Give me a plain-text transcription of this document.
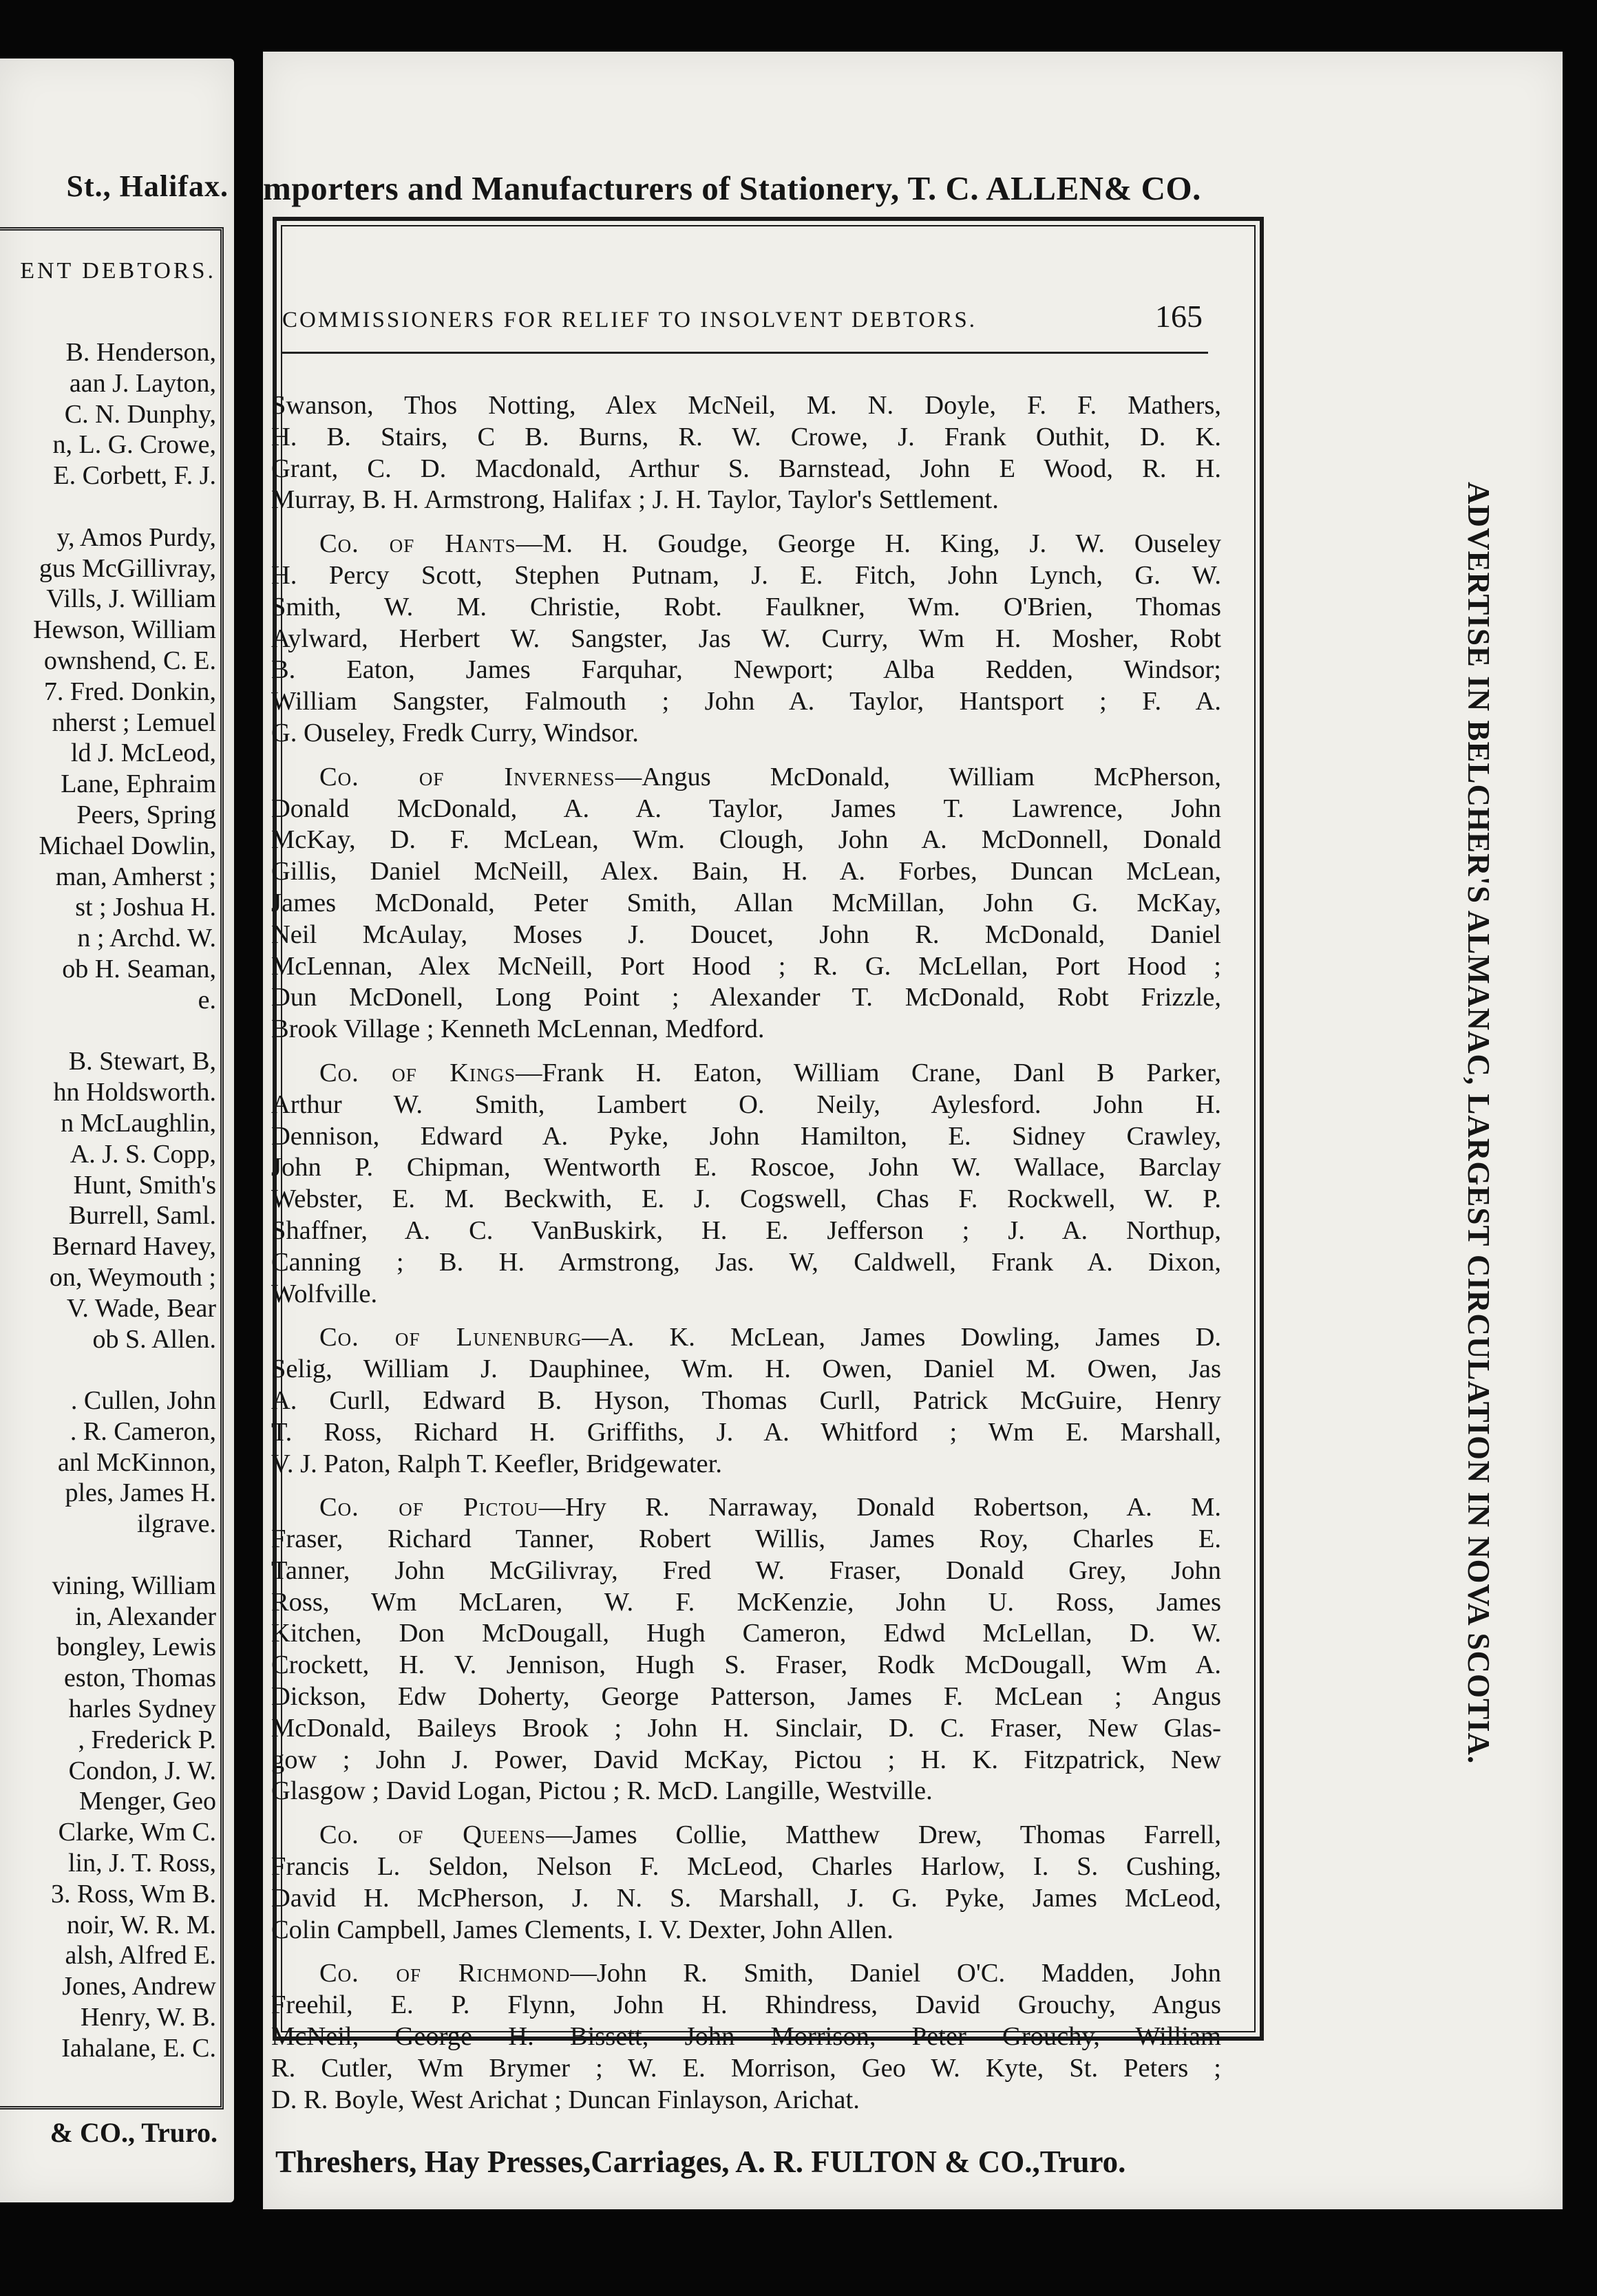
St., Halifax.
ENT DEBTORS.
B. Henderson,
aan J. Layton,
C. N. Dunphy,
n, L. G. Crowe,
E. Corbett, F. J.
y, Amos Purdy,
gus McGillivray,
Vills, J. William
Hewson, William
ownshend, C. E.
7. Fred. Donkin,
nherst ; Lemuel
ld J. McLeod,
Lane, Ephraim
Peers, Spring
Michael Dowlin,
man, Amherst ;
st ; Joshua H.
n ; Archd. W.
ob H. Seaman,
e.
B. Stewart, B,
hn Holdsworth.
n McLaughlin,
A. J. S. Copp,
Hunt, Smith's
Burrell, Saml.
Bernard Havey,
on, Weymouth ;
V. Wade, Bear
ob S. Allen.
. Cullen, John
. R. Cameron,
anl McKinnon,
ples, James H.
ilgrave.
vining, William
in, Alexander
bongley, Lewis
eston, Thomas
harles Sydney
, Frederick P.
Condon, J. W.
Menger, Geo
Clarke, Wm C.
lin, J. T. Ross,
3. Ross, Wm B.
noir, W. R. M.
alsh, Alfred E.
Jones, Andrew
Henry, W. B.
Iahalane, E. C.
& CO., Truro.
mporters and Manufacturers of Stationery, T. C. ALLEN& CO.
COMMISSIONERS FOR RELIEF TO INSOLVENT DEBTORS.	165
Swanson, Thos Notting, Alex McNeil, M. N. Doyle, F. F. Mathers,
H. B. Stairs, C B. Burns, R. W. Crowe, J. Frank Outhit, D. K.
Grant, C. D. Macdonald, Arthur S. Barnstead, John E Wood, R. H.
Murray, B. H. Armstrong, Halifax ; J. H. Taylor, Taylor's Settlement.
Co. of Hants—M. H. Goudge, George H. King, J. W. Ouseley
H. Percy Scott, Stephen Putnam, J. E. Fitch, John Lynch, G. W.
Smith, W. M. Christie, Robt. Faulkner, Wm. O'Brien, Thomas
Aylward, Herbert W. Sangster, Jas W. Curry, Wm H. Mosher, Robt
B. Eaton, James Farquhar, Newport; Alba Redden, Windsor;
William Sangster, Falmouth ; John A. Taylor, Hantsport ; F. A.
G. Ouseley, Fredk Curry, Windsor.
Co. of Inverness—Angus McDonald, William McPherson,
Donald McDonald, A. A. Taylor, James T. Lawrence, John
McKay, D. F. McLean, Wm. Clough, John A. McDonnell, Donald
Gillis, Daniel McNeill, Alex. Bain, H. A. Forbes, Duncan McLean,
James McDonald, Peter Smith, Allan McMillan, John G. McKay,
Neil McAulay, Moses J. Doucet, John R. McDonald, Daniel
McLennan, Alex McNeill, Port Hood ; R. G. McLellan, Port Hood ;
Dun McDonell, Long Point ; Alexander T. McDonald, Robt Frizzle,
Brook Village ; Kenneth McLennan, Medford.
Co. of Kings—Frank H. Eaton, William Crane, Danl B Parker,
Arthur W. Smith, Lambert O. Neily, Aylesford. John H.
Dennison, Edward A. Pyke, John Hamilton, E. Sidney Crawley,
John P. Chipman, Wentworth E. Roscoe, John W. Wallace, Barclay
Webster, E. M. Beckwith, E. J. Cogswell, Chas F. Rockwell, W. P.
Shaffner, A. C. VanBuskirk, H. E. Jefferson ; J. A. Northup,
Canning ; B. H. Armstrong, Jas. W, Caldwell, Frank A. Dixon,
Wolfville.
Co. of Lunenburg—A. K. McLean, James Dowling, James D.
Selig, William J. Dauphinee, Wm. H. Owen, Daniel M. Owen, Jas
A. Curll, Edward B. Hyson, Thomas Curll, Patrick McGuire, Henry
T. Ross, Richard H. Griffiths, J. A. Whitford ; Wm E. Marshall,
V. J. Paton, Ralph T. Keefler, Bridgewater.
Co. of Pictou—Hry R. Narraway, Donald Robertson, A. M.
Fraser, Richard Tanner, Robert Willis, James Roy, Charles E.
Tanner, John McGilivray, Fred W. Fraser, Donald Grey, John
Ross, Wm McLaren, W. F. McKenzie, John U. Ross, James
Kitchen, Don McDougall, Hugh Cameron, Edwd McLellan, D. W.
Crockett, H. V. Jennison, Hugh S. Fraser, Rodk McDougall, Wm A.
Dickson, Edw Doherty, George Patterson, James F. McLean ; Angus
McDonald, Baileys Brook ; John H. Sinclair, D. C. Fraser, New Glas-
gow ; John J. Power, David McKay, Pictou ; H. K. Fitzpatrick, New
Glasgow ; David Logan, Pictou ; R. McD. Langille, Westville.
Co. of Queens—James Collie, Matthew Drew, Thomas Farrell,
Francis L. Seldon, Nelson F. McLeod, Charles Harlow, I. S. Cushing,
David H. McPherson, J. N. S. Marshall, J. G. Pyke, James McLeod,
Colin Campbell, James Clements, I. V. Dexter, John Allen.
Co. of Richmond—John R. Smith, Daniel O'C. Madden, John
Freehil, E. P. Flynn, John H. Rhindress, David Grouchy, Angus
McNeil, George H. Bissett, John Morrison, Peter Grouchy, William
R. Cutler, Wm Brymer ; W. E. Morrison, Geo W. Kyte, St. Peters ;
D. R. Boyle, West Arichat ; Duncan Finlayson, Arichat.
ADVERTISE IN BELCHER'S ALMANAC, LARGEST CIRCULATION IN NOVA SCOTIA.
Threshers, Hay Presses,Carriages, A. R. FULTON & CO.,Truro.
